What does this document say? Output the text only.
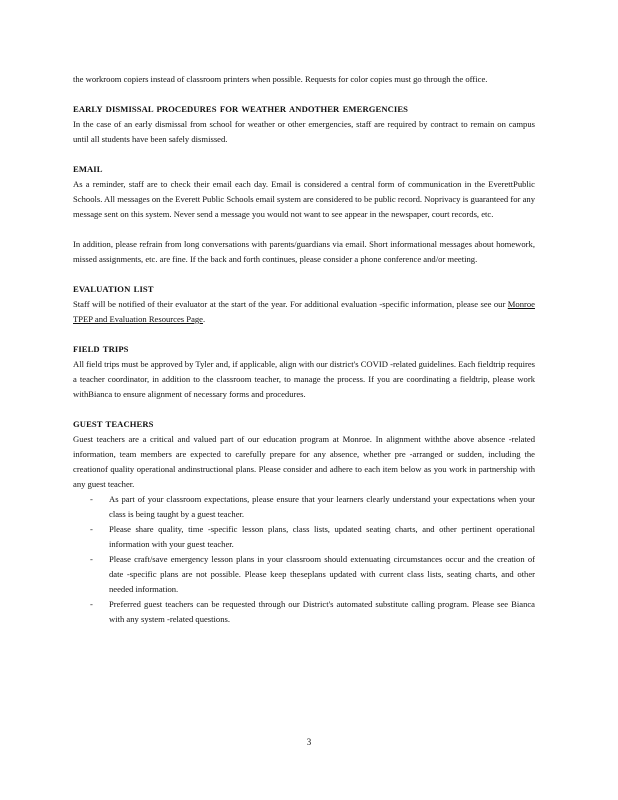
the workroom copiers instead of classroom printers when possible. Requests for color copies must go through the office.

EARLY DISMISSAL PROCEDURES FOR WEATHER ANDOTHER EMERGENCIES

In the case of an early dismissal from school for weather or other emergencies, staff are required by contract to remain on campus until all students have been safely dismissed.

EMAIL

As a reminder, staff are to check their email each day. Email is considered a central form of communication in the EverettPublic Schools. All messages on the Everett Public Schools email system are considered to be public record. Noprivacy is guaranteed for any message sent on this system. Never send a message you would not want to see appear in the newspaper, court records, etc.

In addition, please refrain from long conversations with parents/guardians via email. Short informational messages about homework, missed assignments, etc. are fine. If the back and forth continues, please consider a phone conference and/or meeting.

EVALUATION LIST

Staff will be notified of their evaluator at the start of the year. For additional evaluation -specific information, please see our Monroe TPEP and Evaluation Resources Page.

FIELD TRIPS

All field trips must be approved by Tyler and, if applicable, align with our district's COVID -related guidelines. Each fieldtrip requires a teacher coordinator, in addition to the classroom teacher, to manage the process. If you are coordinating a fieldtrip, please work withBianca to ensure alignment of necessary forms and procedures.

GUEST TEACHERS

Guest teachers are a critical and valued part of our education program at Monroe. In alignment withthe above absence -related information, team members are expected to carefully prepare for any absence, whether pre -arranged or sudden, including the creationof quality operational andinstructional plans. Please consider and adhere to each item below as you work in partnership with any guest teacher.

- As part of your classroom expectations, please ensure that your learners clearly understand your expectations when your class is being taught by a guest teacher.
- Please share quality, time -specific lesson plans, class lists, updated seating charts, and other pertinent operational information with your guest teacher.
- Please craft/save emergency lesson plans in your classroom should extenuating circumstances occur and the creation of date -specific plans are not possible. Please keep theseplans updated with current class lists, seating charts, and other needed information.
- Preferred guest teachers can be requested through our District's automated substitute calling program. Please see Bianca with any system -related questions.
3
